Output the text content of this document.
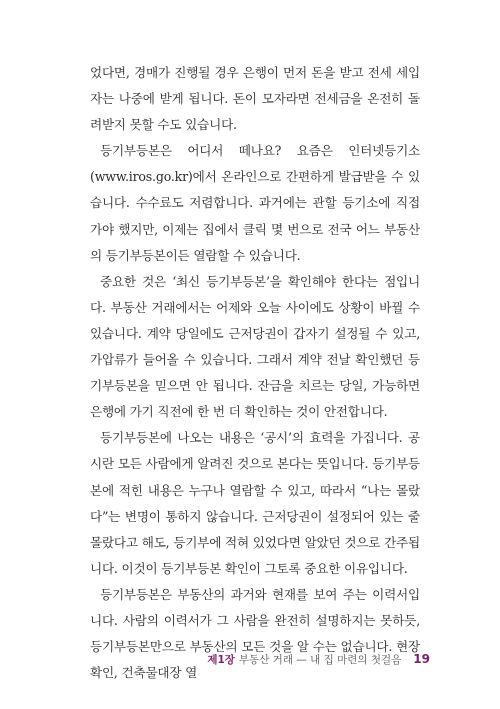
었다면, 경매가 진행될 경우 은행이 먼저 돈을 받고 전세 세입자는 나중에 받게 됩니다. 돈이 모자라면 전세금을 온전히 돌려받지 못할 수도 있습니다.

등기부등본은 어디서 떼나요? 요즘은 인터넷등기소(www.iros.go.kr)에서 온라인으로 간편하게 발급받을 수 있습니다. 수수료도 저렴합니다. 과거에는 관할 등기소에 직접 가야 했지만, 이제는 집에서 클릭 몇 번으로 전국 어느 부동산의 등기부등본이든 열람할 수 있습니다.

중요한 것은 ‘최신 등기부등본’을 확인해야 한다는 점입니다. 부동산 거래에서는 어제와 오늘 사이에도 상황이 바뀔 수 있습니다. 계약 당일에도 근저당권이 갑자기 설정될 수 있고, 가압류가 들어올 수 있습니다. 그래서 계약 전날 확인했던 등기부등본을 믿으면 안 됩니다. 잔금을 치르는 당일, 가능하면 은행에 가기 직전에 한 번 더 확인하는 것이 안전합니다.

등기부등본에 나오는 내용은 ‘공시’의 효력을 가집니다. 공시란 모든 사람에게 알려진 것으로 본다는 뜻입니다. 등기부등본에 적힌 내용은 누구나 열람할 수 있고, 따라서 “나는 몰랐다”는 변명이 통하지 않습니다. 근저당권이 설정되어 있는 줄 몰랐다고 해도, 등기부에 적혀 있었다면 알았던 것으로 간주됩니다. 이것이 등기부등본 확인이 그토록 중요한 이유입니다.

등기부등본은 부동산의 과거와 현재를 보여 주는 이력서입니다. 사람의 이력서가 그 사람을 완전히 설명하지는 못하듯, 등기부등본만으로 부동산의 모든 것을 알 수는 없습니다. 현장 확인, 건축물대장 열

제1장 부동산 거래 — 내 집 마련의 첫걸음 19
